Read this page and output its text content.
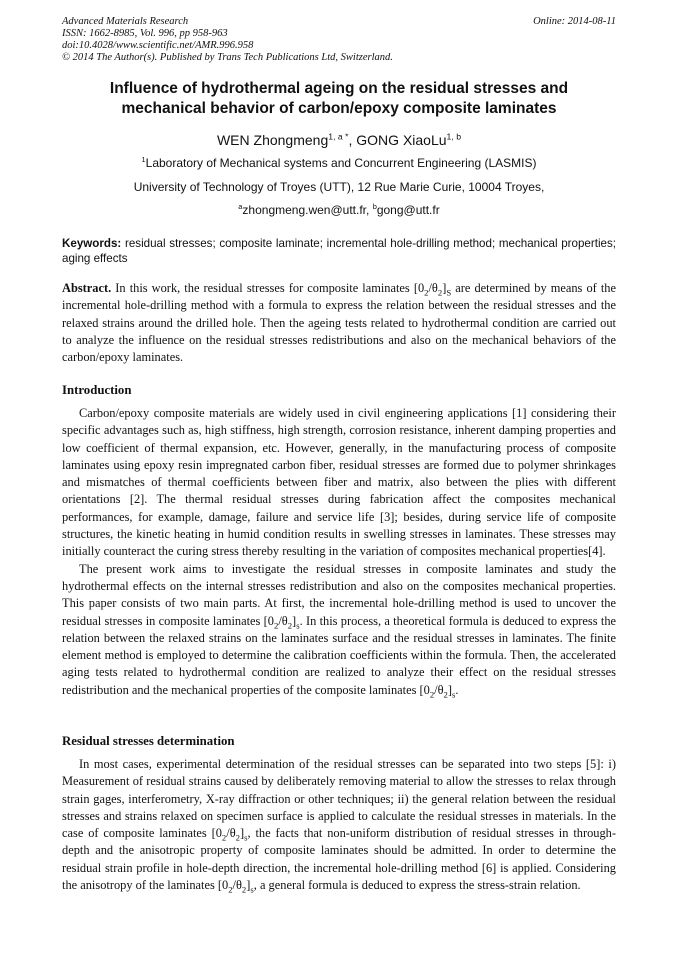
Advanced Materials Research
ISSN: 1662-8985, Vol. 996, pp 958-963
doi:10.4028/www.scientific.net/AMR.996.958
© 2014 The Author(s). Published by Trans Tech Publications Ltd, Switzerland.
Online: 2014-08-11
Influence of hydrothermal ageing on the residual stresses and
mechanical behavior of carbon/epoxy composite laminates
WEN Zhongmeng$^{1, a *}$, GONG XiaoLu$^{1, b}$
$^1$Laboratory of Mechanical systems and Concurrent Engineering (LASMIS)
University of Technology of Troyes (UTT), 12 Rue Marie Curie, 10004 Troyes,
$^a$zhongmeng.wen@utt.fr, $^b$gong@utt.fr
Keywords: residual stresses; composite laminate; incremental hole-drilling method; mechanical properties; aging effects

Abstract. In this work, the residual stresses for composite laminates $[0_2/\theta_2]_S$ are determined by means of the incremental hole-drilling method with a formula to express the relation between the residual stresses and the relaxed strains around the drilled hole. Then the ageing tests related to hydrothermal condition are carried out to analyze the influence on the residual stresses redistributions and also on the mechanical behaviors of the carbon/epoxy laminates.

Introduction

Carbon/epoxy composite materials are widely used in civil engineering applications [1] considering their specific advantages such as, high stiffness, high strength, corrosion resistance, inherent damping properties and low coefficient of thermal expansion, etc. However, generally, in the manufacturing process of composite laminates using epoxy resin impregnated carbon fiber, residual stresses are formed due to polymer shrinkages and mismatches of thermal coefficients between fiber and matrix, also between the plies with different orientations [2]. The thermal residual stresses during fabrication affect the composites mechanical performances, for example, damage, failure and service life [3]; besides, during service life of composite structures, the kinetic heating in humid condition results in swelling stresses in laminates. These stresses may initially counteract the curing stress thereby resulting in the variation of composites mechanical properties[4].

The present work aims to investigate the residual stresses in composite laminates and study the hydrothermal effects on the internal stresses redistribution and also on the composites mechanical properties. This paper consists of two main parts. At first, the incremental hole-drilling method is used to uncover the residual stresses in composite laminates $[0_2/\theta_2]_s$. In this process, a theoretical formula is deduced to express the relation between the relaxed strains on the laminates surface and the residual stresses in laminates. The finite element method is employed to determine the calibration coefficients within the formula. Then, the accelerated aging tests related to hydrothermal condition are realized to analyze their effect on the residual stresses redistribution and the mechanical properties of the composite laminates $[0_2/\theta_2]_s$.

Residual stresses determination

In most cases, experimental determination of the residual stresses can be separated into two steps [5]: i) Measurement of residual strains caused by deliberately removing material to allow the stresses to relax through strain gages, interferometry, X-ray diffraction or other techniques; ii) the general relation between the residual stresses and strains relaxed on specimen surface is applied to calculate the residual stresses in materials. In the case of composite laminates $[0_2/\theta_2]_s$, the facts that non-uniform distribution of residual stresses in through-depth and the anisotropic property of composite laminates should be admitted. In order to determine the residual strain profile in hole-depth direction, the incremental hole-drilling method [6] is applied. Considering the anisotropy of the laminates $[0_2/\theta_2]_s$, a general formula is deduced to express the stress-strain relation.
